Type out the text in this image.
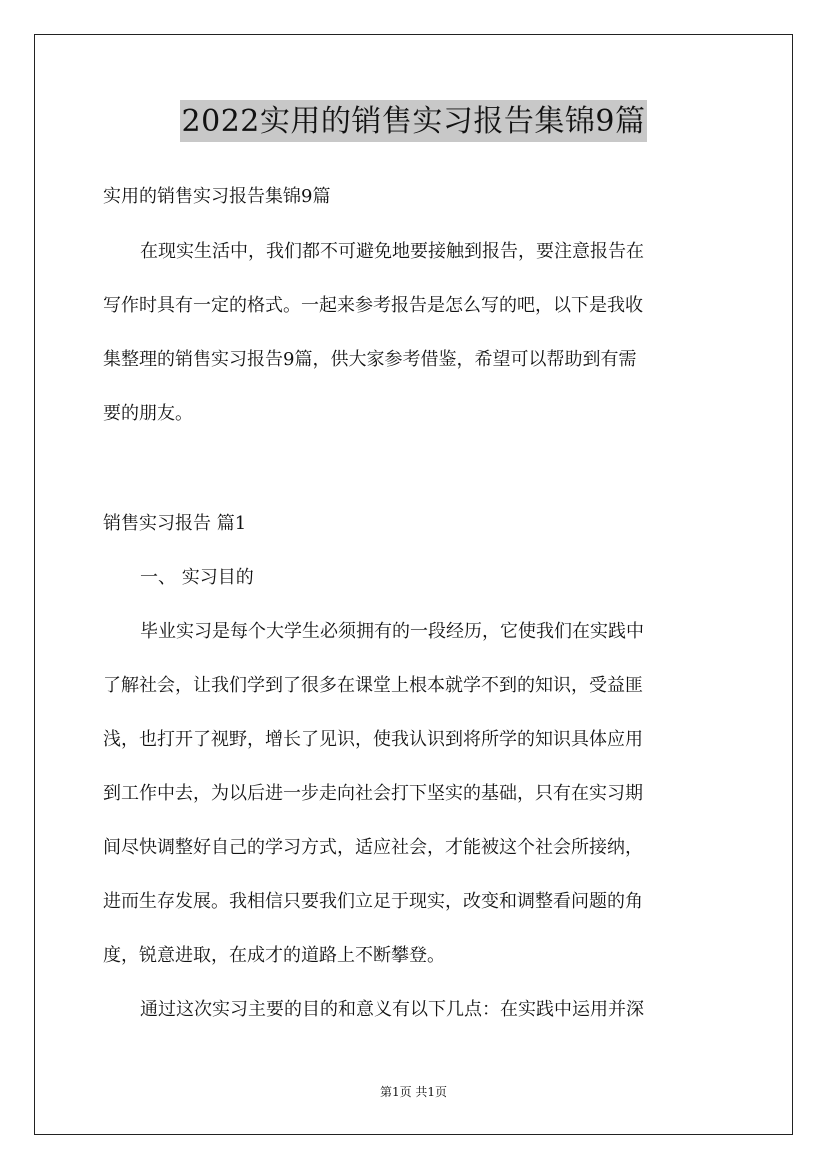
2022实用的销售实习报告集锦9篇
实用的销售实习报告集锦9篇
在现实生活中，我们都不可避免地要接触到报告，要注意报告在
写作时具有一定的格式。一起来参考报告是怎么写的吧，以下是我收
集整理的销售实习报告9篇，供大家参考借鉴，希望可以帮助到有需
要的朋友。
销售实习报告 篇1
一、 实习目的
毕业实习是每个大学生必须拥有的一段经历，它使我们在实践中
了解社会，让我们学到了很多在课堂上根本就学不到的知识，受益匪
浅，也打开了视野，增长了见识，使我认识到将所学的知识具体应用
到工作中去，为以后进一步走向社会打下坚实的基础，只有在实习期
间尽快调整好自己的学习方式，适应社会，才能被这个社会所接纳，
进而生存发展。我相信只要我们立足于现实，改变和调整看问题的角
度，锐意进取，在成才的道路上不断攀登。
通过这次实习主要的目的和意义有以下几点：在实践中运用并深
第1页 共1页
